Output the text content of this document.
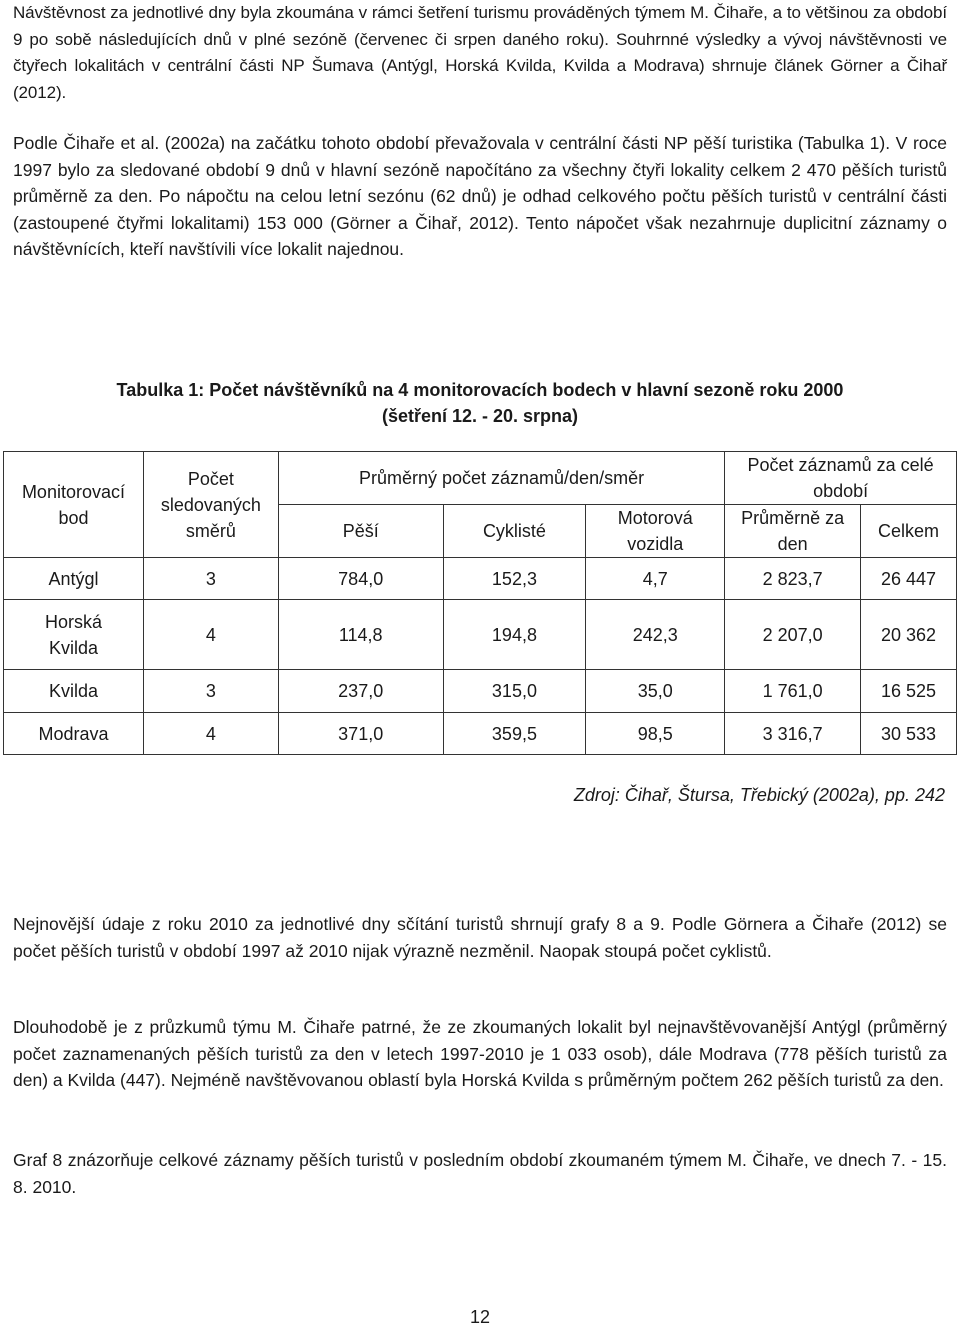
Návštěvnost za jednotlivé dny byla zkoumána v rámci šetření turismu prováděných týmem M. Čihaře, a to většinou za období 9 po sobě následujících dnů v plné sezóně (červenec či srpen daného roku). Souhrnné výsledky a vývoj návštěvnosti ve čtyřech lokalitách v centrální části NP Šumava (Antýgl, Horská Kvilda, Kvilda a Modrava) shrnuje článek Görner a Čihař (2012).

Podle Čihaře et al. (2002a) na začátku tohoto období převažovala v centrální části NP pěší turistika (Tabulka 1). V roce 1997 bylo za sledované období 9 dnů v hlavní sezóně napočítáno za všechny čtyři lokality celkem 2 470 pěších turistů průměrně za den. Po nápočtu na celou letní sezónu (62 dnů) je odhad celkového počtu pěších turistů v centrální části (zastoupené čtyřmi lokalitami) 153 000 (Görner a Čihař, 2012). Tento nápočet však nezahrnuje duplicitní záznamy o návštěvnících, kteří navštívili více lokalit najednou.

Tabulka 1: Počet návštěvníků na 4 monitorovacích bodech v hlavní sezoně roku 2000
(šetření 12. - 20. srpna)

Monitorovací bod	Počet sledovaných směrů	Průměrný počet záznamů/den/směr			Počet záznamů za celé období	
		Pěší	Cyklisté	Motorová vozidla	Průměrně za den	Celkem
Antýgl	3	784,0	152,3	4,7	2 823,7	26 447
Horská Kvilda	4	114,8	194,8	242,3	2 207,0	20 362
Kvilda	3	237,0	315,0	35,0	1 761,0	16 525
Modrava	4	371,0	359,5	98,5	3 316,7	30 533

Zdroj: Čihař, Štursa, Třebický (2002a), pp. 242

Nejnovější údaje z roku 2010 za jednotlivé dny sčítání turistů shrnují grafy 8 a 9. Podle Görnera a Čihaře (2012) se počet pěších turistů v období 1997 až 2010 nijak výrazně nezměnil. Naopak stoupá počet cyklistů.

Dlouhodobě je z průzkumů týmu M. Čihaře patrné, že ze zkoumaných lokalit byl nejnavštěvovanější Antýgl (průměrný počet zaznamenaných pěších turistů za den v letech 1997-2010 je 1 033 osob), dále Modrava (778 pěších turistů za den) a Kvilda (447). Nejméně navštěvovanou oblastí byla Horská Kvilda s průměrným počtem 262 pěších turistů za den.

Graf 8 znázorňuje celkové záznamy pěších turistů v posledním období zkoumaném týmem M. Čihaře, ve dnech 7. - 15. 8. 2010.

12
